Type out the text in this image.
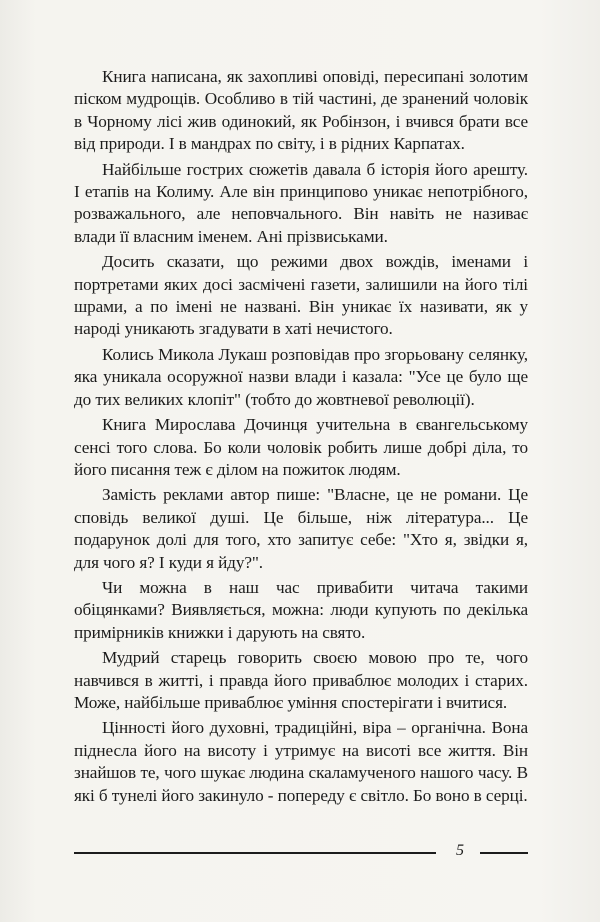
Книга написана, як захопливі оповіді, пересипані золотим піском мудрощів. Особливо в тій частині, де зранений чоловік в Чорному лісі жив одинокий, як Робінзон, і вчився брати все від природи. І в мандрах по світу, і в рідних Карпатах.

Найбільше гострих сюжетів давала б історія його арешту. І етапів на Колиму. Але він принципово уникає непотрібного, розважального, але неповчального. Він навіть не називає влади її власним іменем. Ані прізвиськами.

Досить сказати, що режими двох вождів, іменами і портретами яких досі засмічені газети, залишили на його тілі шрами, а по імені не названі. Він уникає їх називати, як у народі уникають згадувати в хаті нечистого.

Колись Микола Лукаш розповідав про згорьовану селянку, яка уникала осоружної назви влади і казала: "Усе це було ще до тих великих клопіт" (тобто до жовтневої революції).

Книга Мирослава Дочинця учительна в євангельському сенсі того слова. Бо коли чоловік робить лише добрі діла, то його писання теж є ділом на пожиток людям.

Замість реклами автор пише: "Власне, це не романи. Це сповідь великої душі. Це більше, ніж література... Це подарунок долі для того, хто запитує себе: "Хто я, звідки я, для чого я? І куди я йду?".

Чи можна в наш час привабити читача такими обіцянками? Виявляється, можна: люди купують по декілька примірників книжки і дарують на свято.

Мудрий старець говорить своєю мовою про те, чого навчився в житті, і правда його приваблює молодих і старих. Може, найбільше приваблює уміння спостерігати і вчитися.

Цінності його духовні, традиційні, віра – органічна. Вона піднесла його на висоту і утримує на висоті все життя. Він знайшов те, чого шукає людина скаламученого нашого часу. В які б тунелі його закинуло - попереду є світло. Бо воно в серці.

5
